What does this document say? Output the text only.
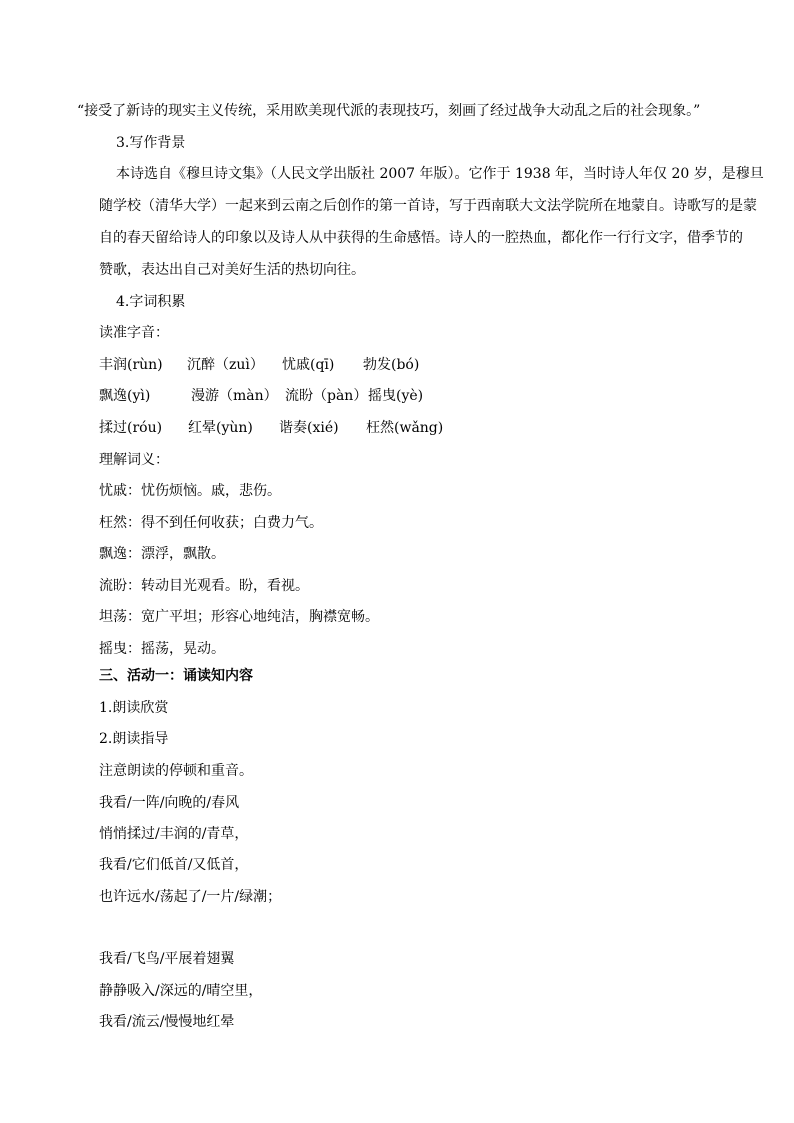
“接受了新诗的现实主义传统，采用欧美现代派的表现技巧，刻画了经过战争大动乱之后的社会现象。”
3.写作背景
本诗选自《穆旦诗文集》（人民文学出版社 2007 年版）。它作于 1938 年，当时诗人年仅 20 岁，是穆旦
随学校（清华大学）一起来到云南之后创作的第一首诗，写于西南联大文法学院所在地蒙自。诗歌写的是蒙
自的春天留给诗人的印象以及诗人从中获得的生命感悟。诗人的一腔热血，都化作一行行文字，借季节的
赞歌，表达出自己对美好生活的热切向往。
4.字词积累
读准字音：
丰润(rùn) 沉醉（zuì） 忧戚(qī) 勃发(bó)
飘逸(yì)	漫游（màn） 流盼（pàn）摇曳(yè)
揉过(róu) 红晕(yùn) 谐奏(xié) 枉然(wǎng)
理解词义：
忧戚：忧伤烦恼。戚，悲伤。
枉然：得不到任何收获；白费力气。
飘逸：漂浮，飘散。
流盼：转动目光观看。盼，看视。
坦荡：宽广平坦；形容心地纯洁，胸襟宽畅。
摇曳：摇荡，晃动。
三、活动一：诵读知内容
1.朗读欣赏
2.朗读指导
注意朗读的停顿和重音。
我看/一阵/向晚的/春风
悄悄揉过/丰润的/青草，
我看/它们低首/又低首，
也许远水/荡起了/一片/绿潮；
我看/飞鸟/平展着翅翼
静静吸入/深远的/晴空里，
我看/流云/慢慢地红晕
